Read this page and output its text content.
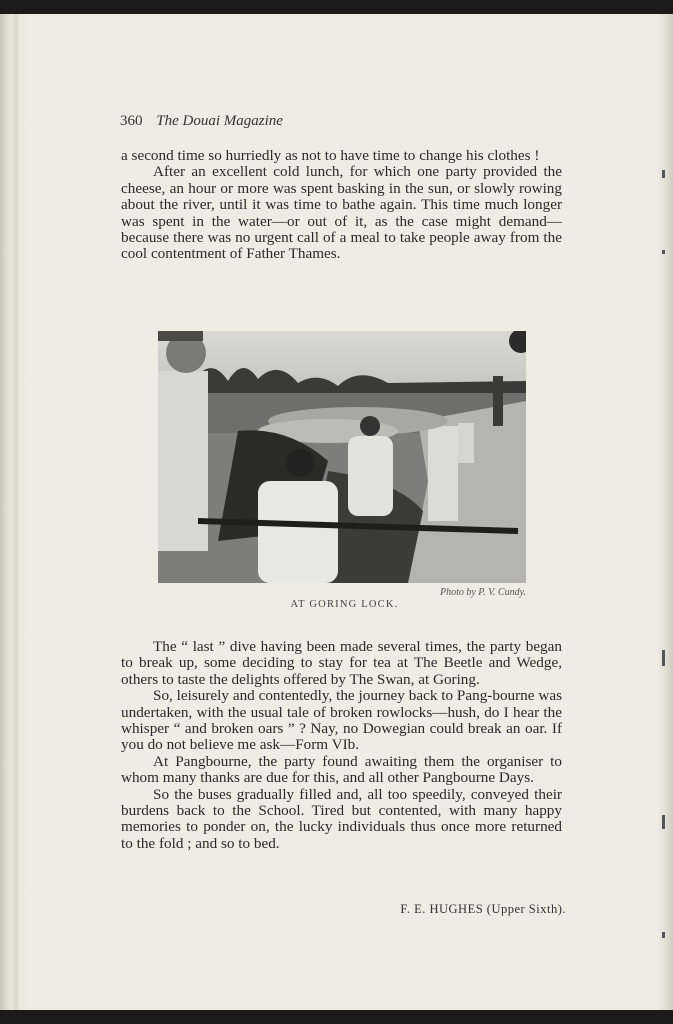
360 The Douai Magazine

a second time so hurriedly as not to have time to change his clothes !

After an excellent cold lunch, for which one party provided the cheese, an hour or more was spent basking in the sun, or slowly rowing about the river, until it was time to bathe again. This time much longer was spent in the water—or out of it, as the case might demand—because there was no urgent call of a meal to take people away from the cool contentment of Father Thames.

Photo by P. V. Cundy.
AT GORING LOCK.

The “ last ” dive having been made several times, the party began to break up, some deciding to stay for tea at The Beetle and Wedge, others to taste the delights offered by The Swan, at Goring.

So, leisurely and contentedly, the journey back to Pang-bourne was undertaken, with the usual tale of broken rowlocks—hush, do I hear the whisper “ and broken oars ” ? Nay, no Dowegian could break an oar. If you do not believe me ask—Form VIb.

At Pangbourne, the party found awaiting them the organiser to whom many thanks are due for this, and all other Pangbourne Days.

So the buses gradually filled and, all too speedily, conveyed their burdens back to the School. Tired but contented, with many happy memories to ponder on, the lucky individuals thus once more returned to the fold ; and so to bed.

F. E. HUGHES (Upper Sixth).
